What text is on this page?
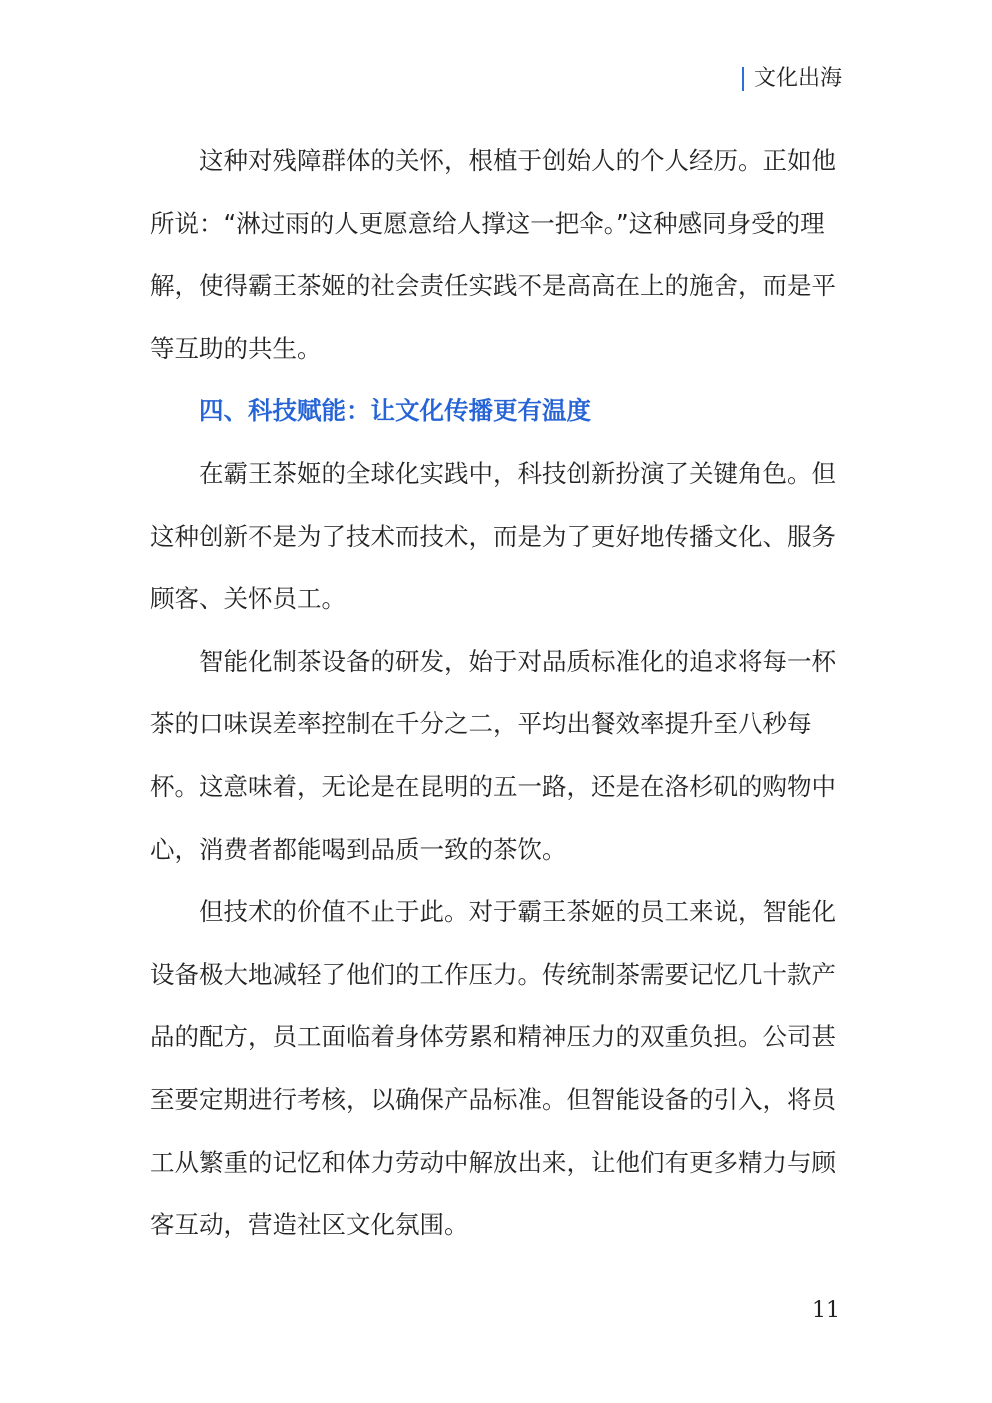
文化出海

这种对残障群体的关怀，根植于创始人的个人经历。正如他所说：“淋过雨的人更愿意给人撑这一把伞。”这种感同身受的理解，使得霸王茶姬的社会责任实践不是高高在上的施舍，而是平等互助的共生。

四、科技赋能：让文化传播更有温度

在霸王茶姬的全球化实践中，科技创新扮演了关键角色。但这种创新不是为了技术而技术，而是为了更好地传播文化、服务顾客、关怀员工。

智能化制茶设备的研发，始于对品质标准化的追求将每一杯茶的口味误差率控制在千分之二，平均出餐效率提升至八秒每杯。这意味着，无论是在昆明的五一路，还是在洛杉矶的购物中心，消费者都能喝到品质一致的茶饮。

但技术的价值不止于此。对于霸王茶姬的员工来说，智能化设备极大地减轻了他们的工作压力。传统制茶需要记忆几十款产品的配方，员工面临着身体劳累和精神压力的双重负担。公司甚至要定期进行考核，以确保产品标准。但智能设备的引入，将员工从繁重的记忆和体力劳动中解放出来，让他们有更多精力与顾客互动，营造社区文化氛围。

11
